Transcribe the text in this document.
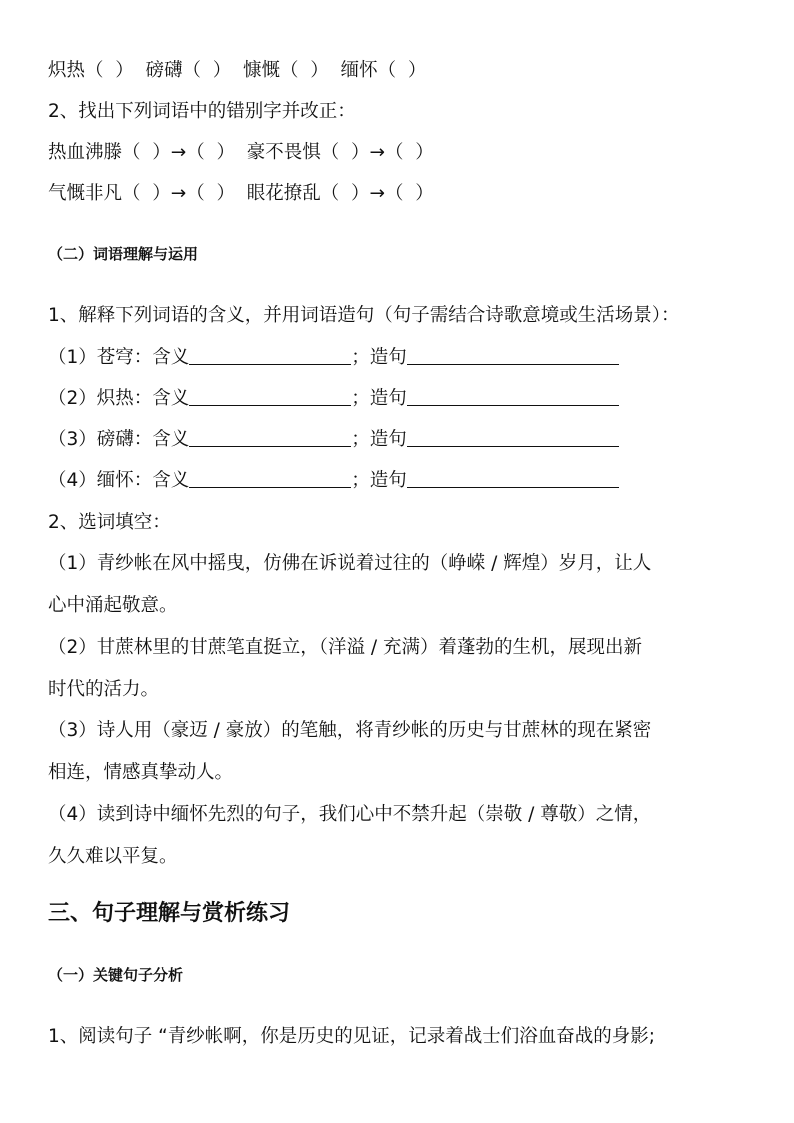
炽热（  ）  磅礴（  ）  慷慨（  ）  缅怀（  ）
2、找出下列词语中的错别字并改正：
热血沸滕（  ）→（  ）  豪不畏惧（  ）→（  ）
气慨非凡（  ）→（  ）  眼花撩乱（  ）→（  ）
（二）词语理解与运用
1、解释下列词语的含义，并用词语造句（句子需结合诗歌意境或生活场景）：
（1）苍穹：含义	；造句
（2）炽热：含义	；造句
（3）磅礴：含义	；造句
（4）缅怀：含义	；造句
2、选词填空：
（1）青纱帐在风中摇曳，仿佛在诉说着过往的（峥嵘 / 辉煌）岁月，让人
心中涌起敬意。
（2）甘蔗林里的甘蔗笔直挺立，（洋溢 / 充满）着蓬勃的生机，展现出新
时代的活力。
（3）诗人用（豪迈 / 豪放）的笔触，将青纱帐的历史与甘蔗林的现在紧密
相连，情感真挚动人。
（4）读到诗中缅怀先烈的句子，我们心中不禁升起（崇敬 / 尊敬）之情，
久久难以平复。
三、句子理解与赏析练习
（一）关键句子分析
1、阅读句子 “青纱帐啊，你是历史的见证，记录着战士们浴血奋战的身影;
